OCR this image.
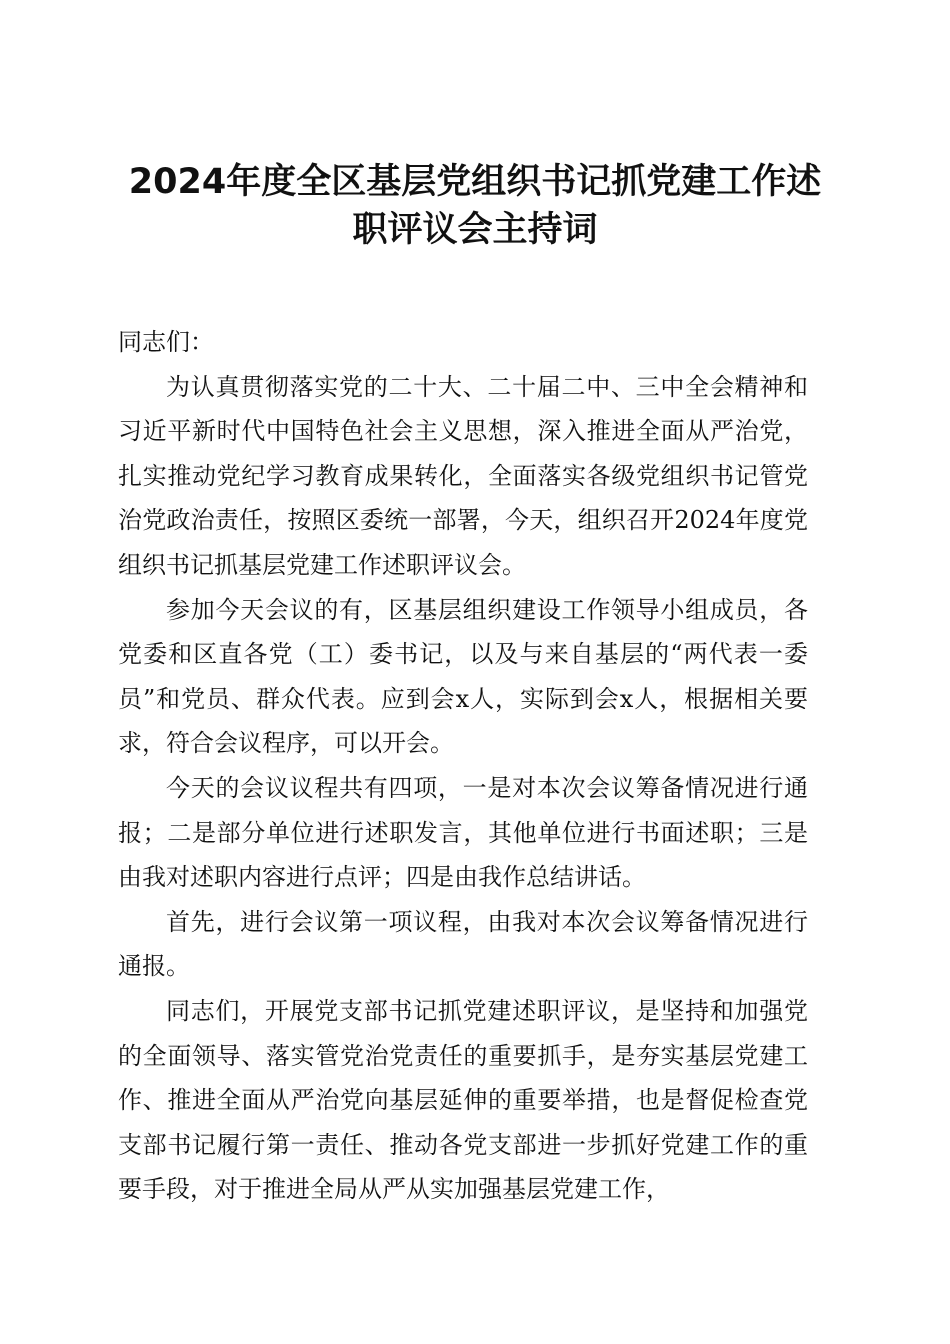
2024年度全区基层党组织书记抓党建工作述
职评议会主持词

同志们：

为认真贯彻落实党的二十大、二十届二中、三中全会精神和习近平新时代中国特色社会主义思想，深入推进全面从严治党，扎实推动党纪学习教育成果转化，全面落实各级党组织书记管党治党政治责任，按照区委统一部署，今天，组织召开2024年度党组织书记抓基层党建工作述职评议会。

参加今天会议的有，区基层组织建设工作领导小组成员，各党委和区直各党（工）委书记，以及与来自基层的“两代表一委员”和党员、群众代表。应到会x人，实际到会x人，根据相关要求，符合会议程序，可以开会。

今天的会议议程共有四项，一是对本次会议筹备情况进行通报；二是部分单位进行述职发言，其他单位进行书面述职；三是由我对述职内容进行点评；四是由我作总结讲话。

首先，进行会议第一项议程，由我对本次会议筹备情况进行通报。

同志们，开展党支部书记抓党建述职评议，是坚持和加强党的全面领导、落实管党治党责任的重要抓手，是夯实基层党建工作、推进全面从严治党向基层延伸的重要举措，也是督促检查党支部书记履行第一责任、推动各党支部进一步抓好党建工作的重要手段，对于推进全局从严从实加强基层党建工作，
